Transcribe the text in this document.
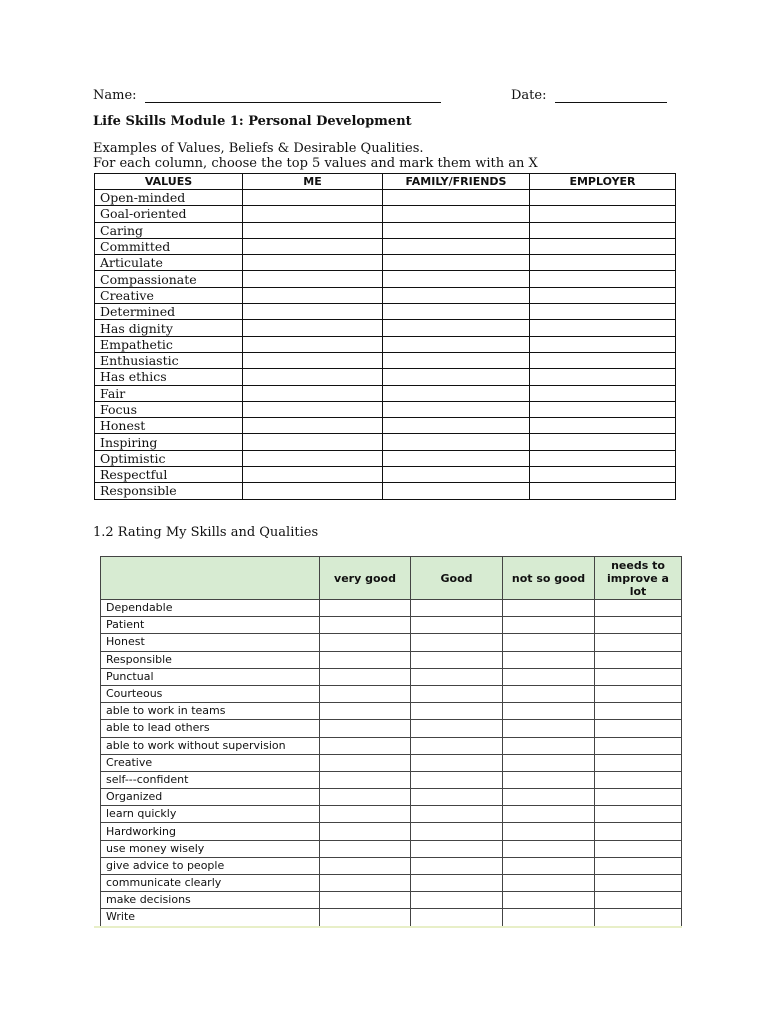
Name:	Date:
Life Skills Module 1: Personal Development
Examples of Values, Beliefs & Desirable Qualities.
For each column, choose the top 5 values and mark them with an X
VALUES	ME	FAMILY/FRIENDS	EMPLOYER
Open-minded			
Goal-oriented			
Caring			
Committed			
Articulate			
Compassionate			
Creative			
Determined			
Has dignity			
Empathetic			
Enthusiastic			
Has ethics			
Fair			
Focus			
Honest			
Inspiring			
Optimistic			
Respectful			
Responsible			
1.2 Rating My Skills and Qualities
	very good	Good	not so good	needs to improve a lot
Dependable				
Patient				
Honest				
Responsible				
Punctual				
Courteous				
able to work in teams				
able to lead others				
able to work without supervision				
Creative				
self---confident				
Organized				
learn quickly				
Hardworking				
use money wisely				
give advice to people				
communicate clearly				
make decisions				
Write				
